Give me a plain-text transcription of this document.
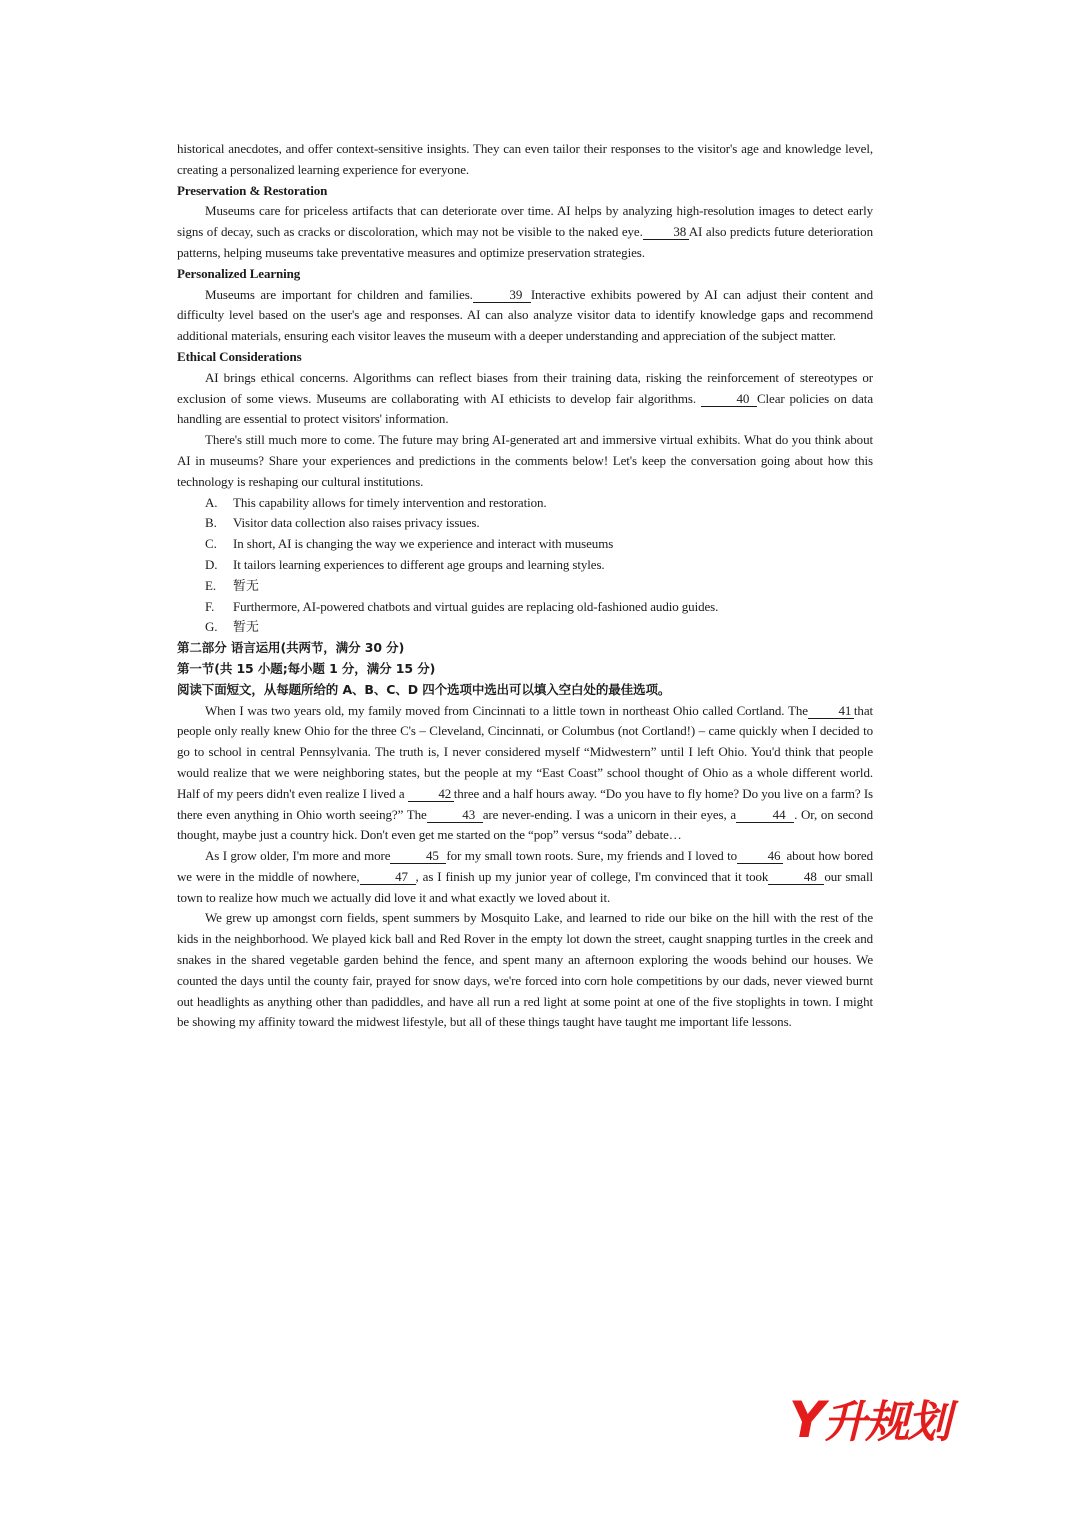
historical anecdotes, and offer context-sensitive insights. They can even tailor their responses to the visitor's age and knowledge level, creating a personalized learning experience for everyone.

Preservation & Restoration

Museums care for priceless artifacts that can deteriorate over time. AI helps by analyzing high-resolution images to detect early signs of decay, such as cracks or discoloration, which may not be visible to the naked eye. 38 AI also predicts future deterioration patterns, helping museums take preventative measures and optimize preservation strategies.

Personalized Learning

Museums are important for children and families.	39 Interactive exhibits powered by AI can adjust their content and difficulty level based on the user's age and responses. AI can also analyze visitor data to identify knowledge gaps and recommend additional materials, ensuring each visitor leaves the museum with a deeper understanding and appreciation of the subject matter.

Ethical Considerations

AI brings ethical concerns. Algorithms can reflect biases from their training data, risking the reinforcement of stereotypes or exclusion of some views. Museums are collaborating with AI ethicists to develop fair algorithms.	40 Clear policies on data handling are essential to protect visitors' information.

There's still much more to come. The future may bring AI-generated art and immersive virtual exhibits. What do you think about AI in museums? Share your experiences and predictions in the comments below! Let's keep the conversation going about how this technology is reshaping our cultural institutions.

A. This capability allows for timely intervention and restoration.

B. Visitor data collection also raises privacy issues.

C. In short, AI is changing the way we experience and interact with museums

D. It tailors learning experiences to different age groups and learning styles.

E. 暂无

F. Furthermore, AI-powered chatbots and virtual guides are replacing old-fashioned audio guides.

G. 暂无

第二部分 语言运用(共两节，满分 30 分)

第一节(共 15 小题;每小题 1 分，满分 15 分)

阅读下面短文，从每题所给的 A、B、C、D 四个选项中选出可以填入空白处的最佳选项。

When I was two years old, my family moved from Cincinnati to a little town in northeast Ohio called Cortland. The 41 that people only really knew Ohio for the three C's – Cleveland, Cincinnati, or Columbus (not Cortland!) – came quickly when I decided to go to school in central Pennsylvania. The truth is, I never considered myself “Midwestern” until I left Ohio. You'd think that people would realize that we were neighboring states, but the people at my “East Coast” school thought of Ohio as a whole different world. Half of my peers didn't even realize I lived a	42 three and a half hours away. “Do you have to fly home? Do you live on a farm? Is there even anything in Ohio worth seeing?” The	43 are never-ending. I was a unicorn in their eyes, a	44 . Or, on second thought, maybe just a country hick. Don't even get me started on the “pop” versus “soda” debate…

As I grow older, I'm more and more	45 for my small town roots. Sure, my friends and I loved to 46 about how bored we were in the middle of nowhere,	47 , as I finish up my junior year of college, I'm convinced that it took	48 our small town to realize how much we actually did love it and what exactly we loved about it.

We grew up amongst corn fields, spent summers by Mosquito Lake, and learned to ride our bike on the hill with the rest of the kids in the neighborhood. We played kick ball and Red Rover in the empty lot down the street, caught snapping turtles in the creek and snakes in the shared vegetable garden behind the fence, and spent many an afternoon exploring the woods behind our houses. We counted the days until the county fair, prayed for snow days, we're forced into corn hole competitions by our dads, never viewed burnt out headlights as anything other than padiddles, and have all run a red light at some point at one of the five stoplights in town. I might be showing my affinity toward the midwest lifestyle, but all of these things taught have taught me important life lessons.

Y升规划
